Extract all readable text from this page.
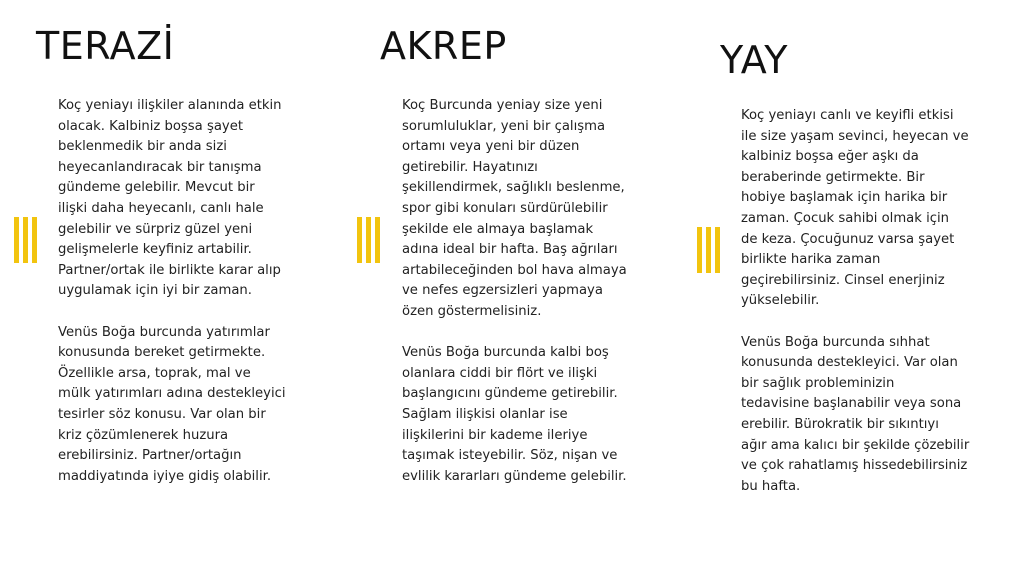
TERAZİ
Koç yeniayı ilişkiler alanında etkin
olacak. Kalbiniz boşsa şayet
beklenmedik bir anda sizi
heyecanlandıracak bir tanışma
gündeme gelebilir. Mevcut bir
ilişki daha heyecanlı, canlı hale
gelebilir ve sürpriz güzel yeni
gelişmelerle keyfiniz artabilir.
Partner/ortak ile birlikte karar alıp
uygulamak için iyi bir zaman.
Venüs Boğa burcunda yatırımlar
konusunda bereket getirmekte.
Özellikle arsa, toprak, mal ve
mülk yatırımları adına destekleyici
tesirler söz konusu. Var olan bir
kriz çözümlenerek huzura
erebilirsiniz. Partner/ortağın
maddiyatında iyiye gidiş olabilir.
AKREP
Koç Burcunda yeniay size yeni
sorumluluklar, yeni bir çalışma
ortamı veya yeni bir düzen
getirebilir. Hayatınızı
şekillendirmek, sağlıklı beslenme,
spor gibi konuları sürdürülebilir
şekilde ele almaya başlamak
adına ideal bir hafta. Baş ağrıları
artabileceğinden bol hava almaya
ve nefes egzersizleri yapmaya
özen göstermelisiniz.
Venüs Boğa burcunda kalbi boş
olanlara ciddi bir flört ve ilişki
başlangıcını gündeme getirebilir.
Sağlam ilişkisi olanlar ise
ilişkilerini bir kademe ileriye
taşımak isteyebilir. Söz, nişan ve
evlilik kararları gündeme gelebilir.
YAY
Koç yeniayı canlı ve keyifli etkisi
ile size yaşam sevinci, heyecan ve
kalbiniz boşsa eğer aşkı da
beraberinde getirmekte. Bir
hobiye başlamak için harika bir
zaman. Çocuk sahibi olmak için
de keza. Çocuğunuz varsa şayet
birlikte harika zaman
geçirebilirsiniz. Cinsel enerjiniz
yükselebilir.
Venüs Boğa burcunda sıhhat
konusunda destekleyici. Var olan
bir sağlık probleminizin
tedavisine başlanabilir veya sona
erebilir. Bürokratik bir sıkıntıyı
ağır ama kalıcı bir şekilde çözebilir
ve çok rahatlamış hissedebilirsiniz
bu hafta.
